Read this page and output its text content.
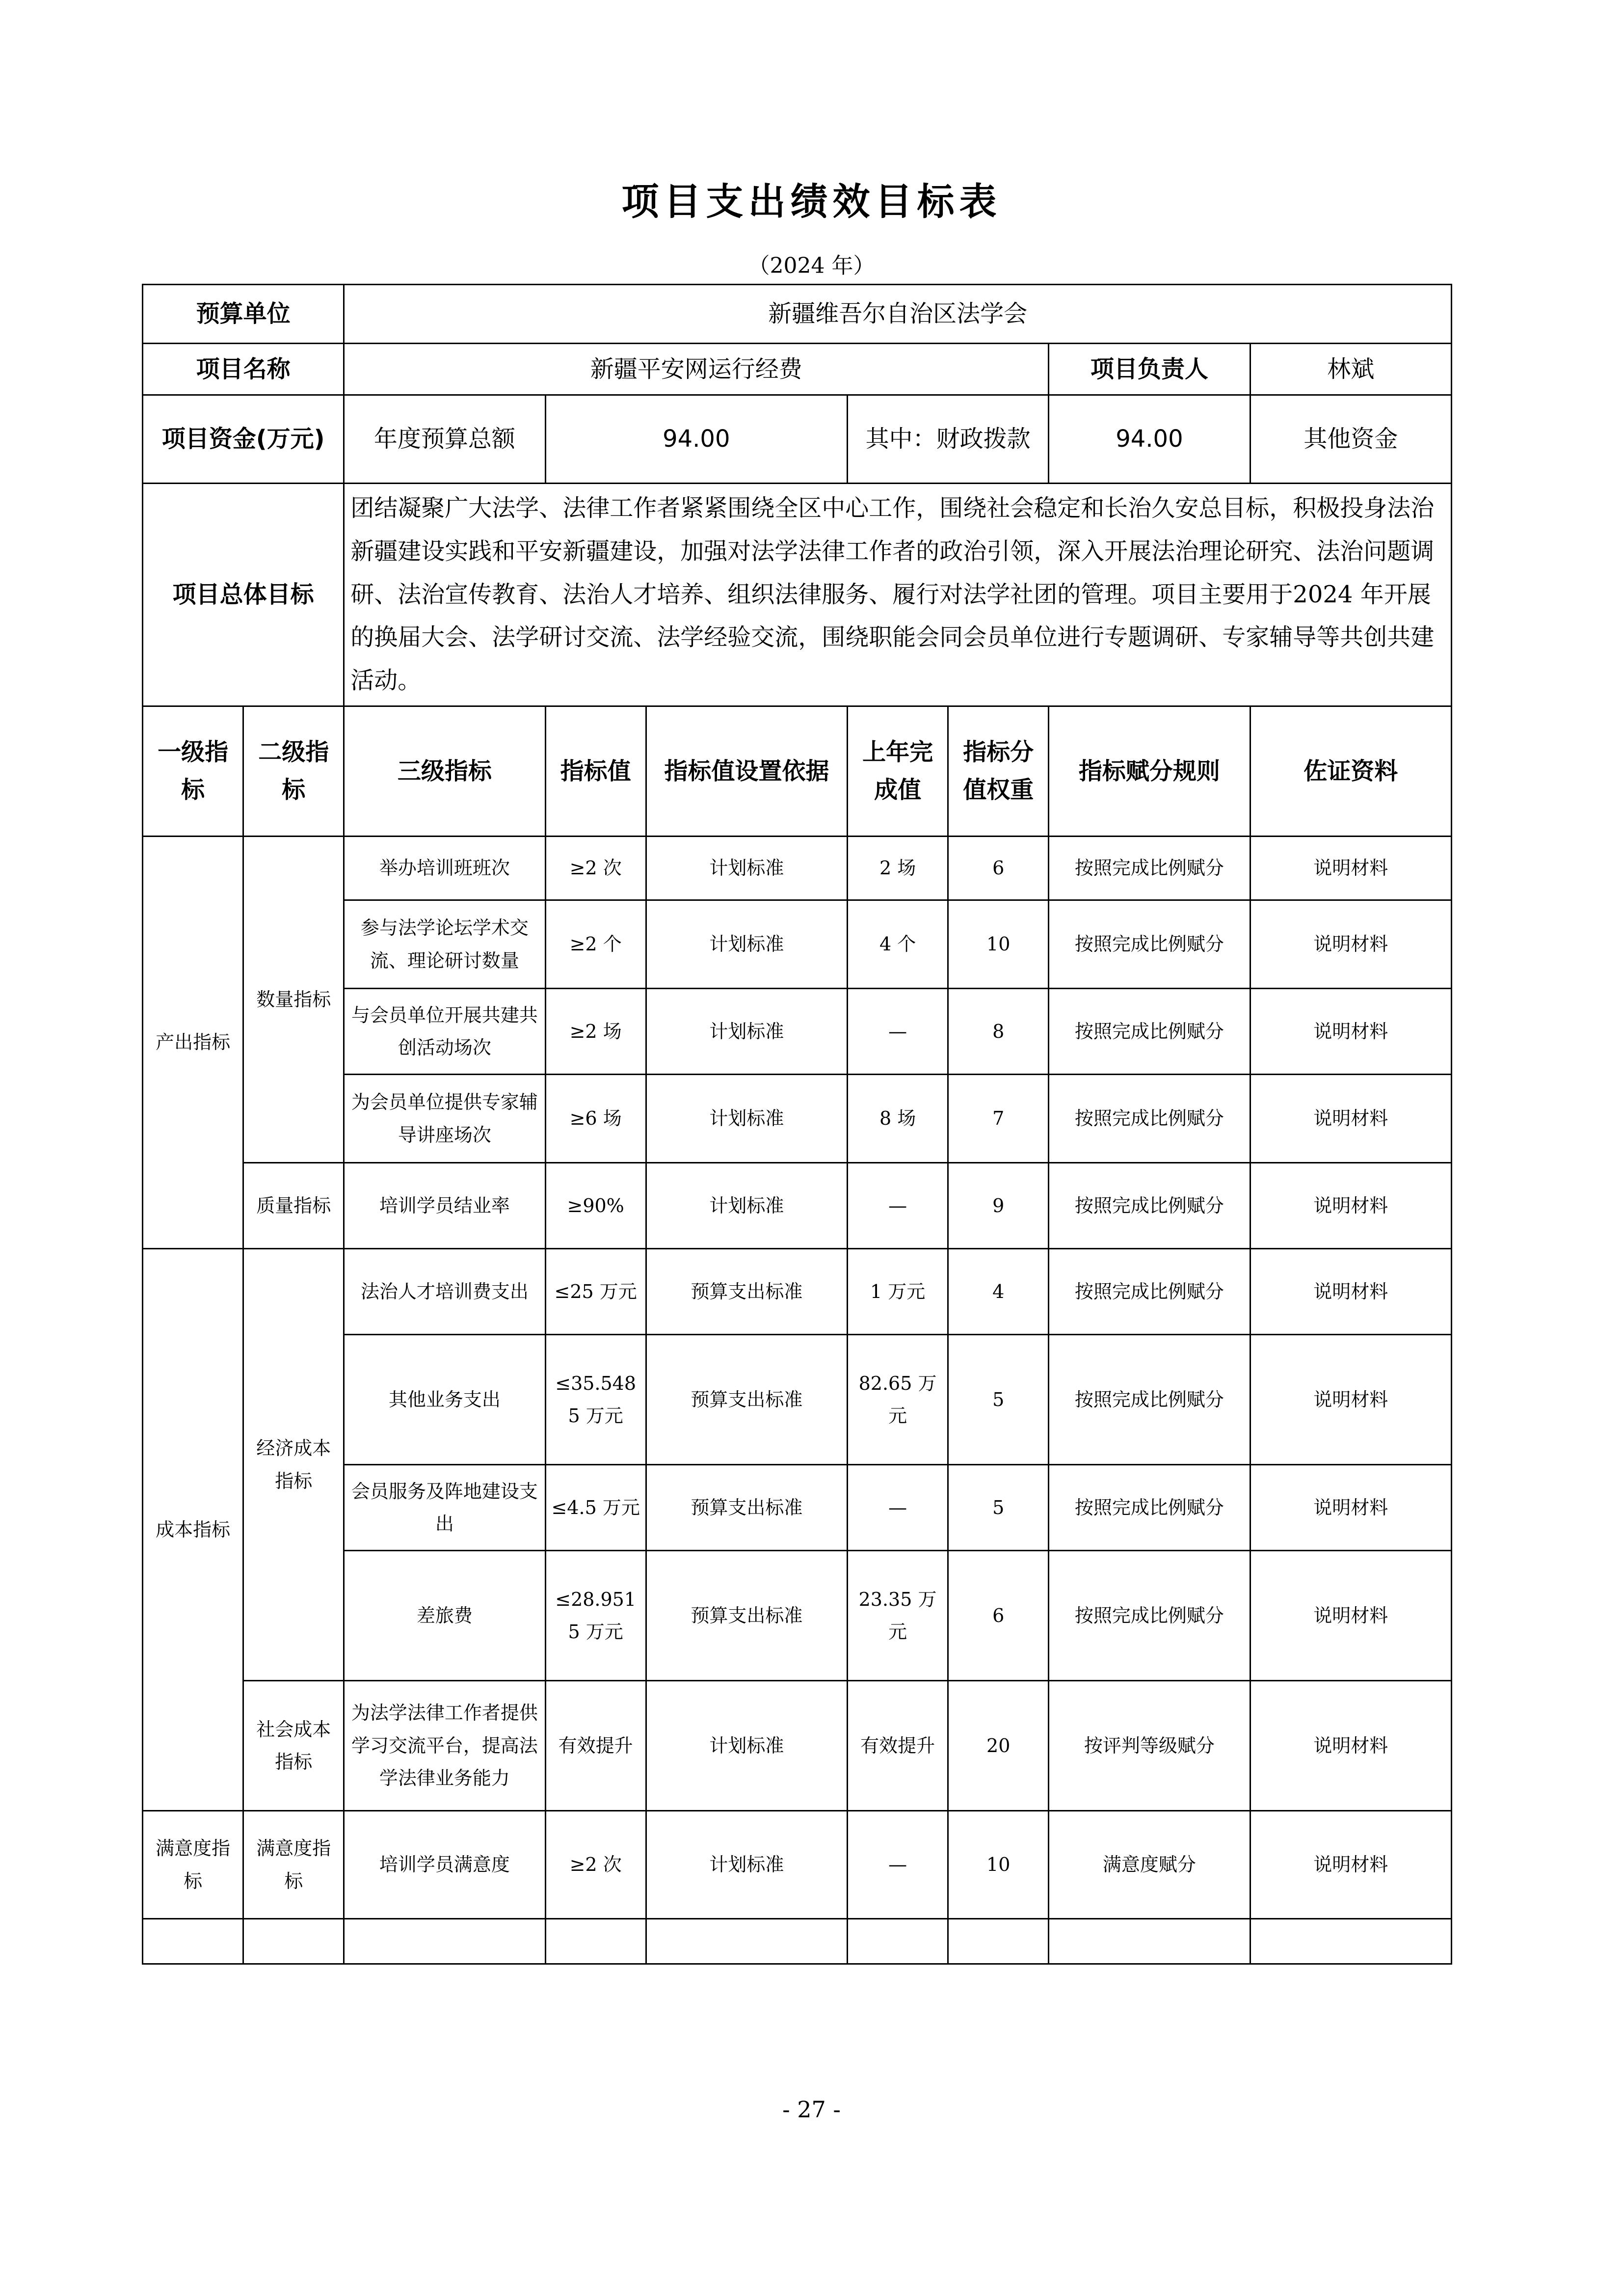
项目支出绩效目标表
（2024 年）
预算单位		新疆维吾尔自治区法学会						
项目名称		新疆平安网运行经费					项目负责人	林斌
项目资金(万元)		年度预算总额	94.00		其中：财政拨款		94.00	其他资金
项目总体目标		团结凝聚广大法学、法律工作者紧紧围绕全区中心工作，围绕社会稳定和长治久安总目标，积极投身法治新疆建设实践和平安新疆建设，加强对法学法律工作者的政治引领，深入开展法治理论研究、法治问题调研、法治宣传教育、法治人才培养、组织法律服务、履行对法学社团的管理。项目主要用于2024 年开展的换届大会、法学研讨交流、法学经验交流，围绕职能会同会员单位进行专题调研、专家辅导等共创共建活动。						
一级指标	二级指标	三级指标	指标值	指标值设置依据	上年完成值	指标分值权重	指标赋分规则	佐证资料
产出指标	数量指标	举办培训班班次	≥2 次	计划标准	2 场	6	按照完成比例赋分	说明材料
		参与法学论坛学术交流、理论研讨数量	≥2 个	计划标准	4 个	10	按照完成比例赋分	说明材料
		与会员单位开展共建共创活动场次	≥2 场	计划标准	—	8	按照完成比例赋分	说明材料
		为会员单位提供专家辅导讲座场次	≥6 场	计划标准	8 场	7	按照完成比例赋分	说明材料
	质量指标	培训学员结业率	≥90%	计划标准	—	9	按照完成比例赋分	说明材料
成本指标	经济成本指标	法治人才培训费支出	≤25 万元	预算支出标准	1 万元	4	按照完成比例赋分	说明材料
		其他业务支出	≤35.5485 万元	预算支出标准	82.65 万元	5	按照完成比例赋分	说明材料
		会员服务及阵地建设支出	≤4.5 万元	预算支出标准	—	5	按照完成比例赋分	说明材料
		差旅费	≤28.9515 万元	预算支出标准	23.35 万元	6	按照完成比例赋分	说明材料
	社会成本指标	为法学法律工作者提供学习交流平台，提高法学法律业务能力	有效提升	计划标准	有效提升	20	按评判等级赋分	说明材料
满意度指标	满意度指标	培训学员满意度	≥2 次	计划标准	—	10	满意度赋分	说明材料

- 27 -
